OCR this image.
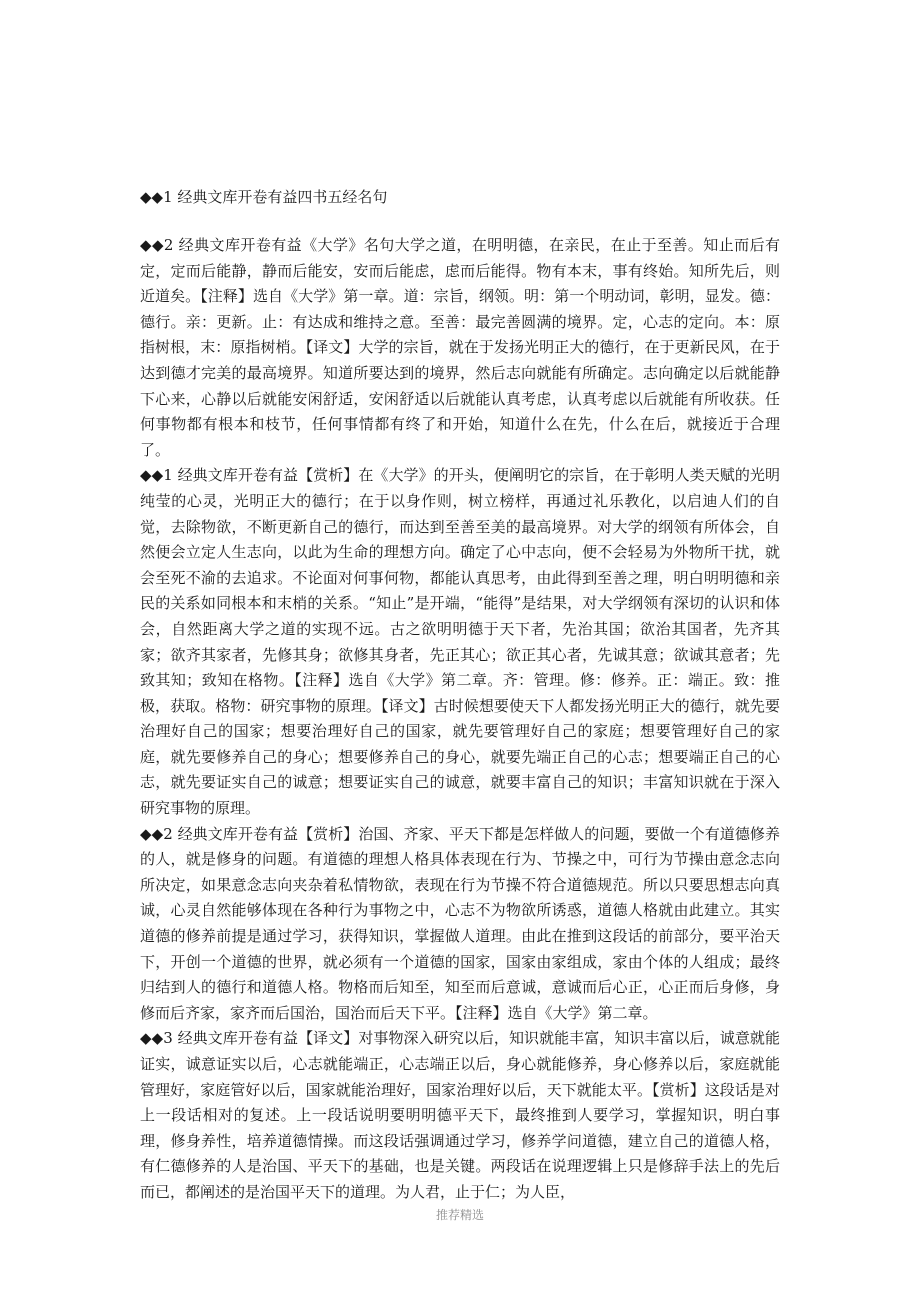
◆◆1 经典文库开卷有益四书五经名句

◆◆2 经典文库开卷有益《大学》名句大学之道，在明明德，在亲民，在止于至善。知止而后有定，定而后能静，静而后能安，安而后能虑，虑而后能得。物有本末，事有终始。知所先后，则近道矣。【注释】选自《大学》第一章。道：宗旨，纲领。明：第一个明动词，彰明，显发。德：德行。亲：更新。止：有达成和维持之意。至善：最完善圆满的境界。定，心志的定向。本：原指树根，末：原指树梢。【译文】大学的宗旨，就在于发扬光明正大的德行，在于更新民风，在于达到德才完美的最高境界。知道所要达到的境界，然后志向就能有所确定。志向确定以后就能静下心来，心静以后就能安闲舒适，安闲舒适以后就能认真考虑，认真考虑以后就能有所收获。任何事物都有根本和枝节，任何事情都有终了和开始，知道什么在先，什么在后，就接近于合理了。

◆◆1 经典文库开卷有益【赏析】在《大学》的开头，便阐明它的宗旨，在于彰明人类天赋的光明纯莹的心灵，光明正大的德行；在于以身作则，树立榜样，再通过礼乐教化，以启迪人们的自觉，去除物欲，不断更新自己的德行，而达到至善至美的最高境界。对大学的纲领有所体会，自然便会立定人生志向，以此为生命的理想方向。确定了心中志向，便不会轻易为外物所干扰，就会至死不渝的去追求。不论面对何事何物，都能认真思考，由此得到至善之理，明白明明德和亲民的关系如同根本和末梢的关系。“知止”是开端，“能得”是结果，对大学纲领有深切的认识和体会，自然距离大学之道的实现不远。古之欲明明德于天下者，先治其国；欲治其国者，先齐其家；欲齐其家者，先修其身；欲修其身者，先正其心；欲正其心者，先诚其意；欲诚其意者；先致其知；致知在格物。【注释】选自《大学》第二章。齐：管理。修：修养。正：端正。致：推极，获取。格物：研究事物的原理。【译文】古时候想要使天下人都发扬光明正大的德行，就先要治理好自己的国家；想要治理好自己的国家，就先要管理好自己的家庭；想要管理好自己的家庭，就先要修养自己的身心；想要修养自己的身心，就要先端正自己的心志；想要端正自己的心志，就先要证实自己的诚意；想要证实自己的诚意，就要丰富自己的知识；丰富知识就在于深入研究事物的原理。

◆◆2 经典文库开卷有益【赏析】治国、齐家、平天下都是怎样做人的问题，要做一个有道德修养的人，就是修身的问题。有道德的理想人格具体表现在行为、节操之中，可行为节操由意念志向所决定，如果意念志向夹杂着私情物欲，表现在行为节操不符合道德规范。所以只要思想志向真诚，心灵自然能够体现在各种行为事物之中，心志不为物欲所诱惑，道德人格就由此建立。其实道德的修养前提是通过学习，获得知识，掌握做人道理。由此在推到这段话的前部分，要平治天下，开创一个道德的世界，就必须有一个道德的国家，国家由家组成，家由个体的人组成；最终归结到人的德行和道德人格。物格而后知至，知至而后意诚，意诚而后心正，心正而后身修，身修而后齐家，家齐而后国治，国治而后天下平。【注释】选自《大学》第二章。

◆◆3 经典文库开卷有益【译文】对事物深入研究以后，知识就能丰富，知识丰富以后，诚意就能证实，诚意证实以后，心志就能端正，心志端正以后，身心就能修养，身心修养以后，家庭就能管理好，家庭管好以后，国家就能治理好，国家治理好以后，天下就能太平。【赏析】这段话是对上一段话相对的复述。上一段话说明要明明德平天下，最终推到人要学习，掌握知识，明白事理，修身养性，培养道德情操。而这段话强调通过学习，修养学问道德，建立自己的道德人格，有仁德修养的人是治国、平天下的基础，也是关键。两段话在说理逻辑上只是修辞手法上的先后而已，都阐述的是治国平天下的道理。为人君，止于仁；为人臣，

推荐精选
